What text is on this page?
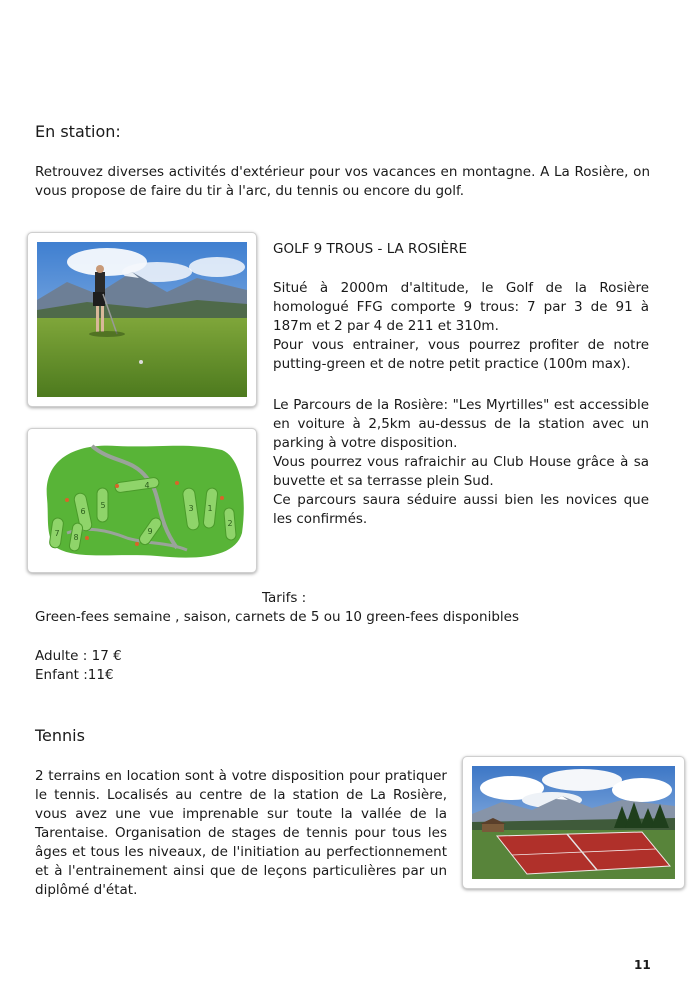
En station:
Retrouvez diverses activités d'extérieur pour vos vacances en montagne. A La Rosière, on
vous propose de faire du tir à l'arc, du tennis ou encore du golf.
1
2
3
4
5
6
7 8
9
GOLF 9 TROUS - LA ROSIÈRE
Situé à 2000m d'altitude, le Golf de la Rosière
homologué FFG comporte 9 trous: 7 par 3 de 91 à
187m et 2 par 4 de 211 et 310m.
Pour vous entrainer, vous pourrez profiter de notre
putting-green et de notre petit practice (100m max).
Le Parcours de la Rosière: "Les Myrtilles" est accessible
en voiture à 2,5km au-dessus de la station avec un
parking à votre disposition.
Vous pourrez vous rafraichir au Club House grâce à sa
buvette et sa terrasse plein Sud.
Ce parcours saura séduire aussi bien les novices que
les confirmés.
Tarifs :
Green-fees semaine , saison, carnets de 5 ou 10 green-fees disponibles
Adulte : 17 €
Enfant :11€
Tennis
2 terrains en location sont à votre disposition pour pratiquer
le tennis. Localisés au centre de la station de La Rosière,
vous avez une vue imprenable sur toute la vallée de la
Tarentaise. Organisation de stages de tennis pour tous les
âges et tous les niveaux, de l'initiation au perfectionnement
et à l'entrainement ainsi que de leçons particulières par un
diplômé d'état.
11
